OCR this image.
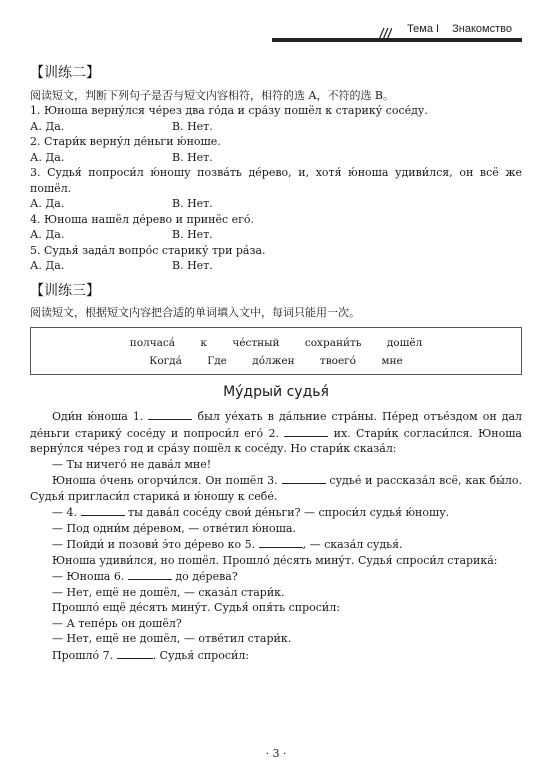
Тема I Знакомство
【训练二】

阅读短文，判断下列句子是否与短文内容相符，相符的选 A，不符的选 B。

1. Юноша верну́лся че́рез два го́да и сра́зу пошёл к старику́ сосе́ду.

А. Да.	В. Нет.

2. Стари́к верну́л де́ньги ю́ноше.

А. Да.	В. Нет.

3. Судья́ попроси́л ю́ношу позва́ть де́рево, и, хотя́ ю́ноша удиви́лся, он всё же пошёл.

А. Да.	В. Нет.

4. Юноша нашёл де́рево и принёс его́.

А. Да.	В. Нет.

5. Судья́ зада́л вопро́с старику́ три ра́за.

А. Да.	В. Нет.
【训练三】

阅读短文，根据短文内容把合适的单词填入文中，每词只能用一次。

полчаса́ к че́стный сохрани́ть дошёл
Когда́ Где до́лжен твоего́ мне
Му́дрый судья́

Оди́н ю́ноша 1.	был уе́хать в да́льние стра́ны. Пе́ред отъе́здом он дал де́ньги старику́ сосе́ду и попроси́л его́ 2.	их. Стари́к согласи́лся. Юноша верну́лся че́рез год и сра́зу пошёл к сосе́ду. Но стари́к сказа́л:

— Ты ничего́ не дава́л мне!

Юноша о́чень огорчи́лся. Он пошёл 3.	судье́ и рассказа́л всё, как бы́ло. Судья́ пригласи́л старика́ и ю́ношу к себе́.

— 4.	ты дава́л сосе́ду свои́ де́ньги? — спроси́л судья́ ю́ношу.

— Под одни́м де́ревом, — отве́тил ю́ноша.

— Пойди́ и позови́ э́то де́рево ко 5.	, — сказа́л судья́.

Юноша удиви́лся, но пошёл. Прошло́ де́сять мину́т. Судья́ спроси́л старика́:

— Юноша 6.	до де́рева?

— Нет, ещё не дошёл, — сказа́л стари́к.

Прошло́ ещё де́сять мину́т. Судья́ опя́ть спроси́л:

— А тепе́рь он дошёл?

— Нет, ещё не дошёл, — отве́тил стари́к.

Прошло́ 7.	. Судья́ спроси́л:

· 3 ·
